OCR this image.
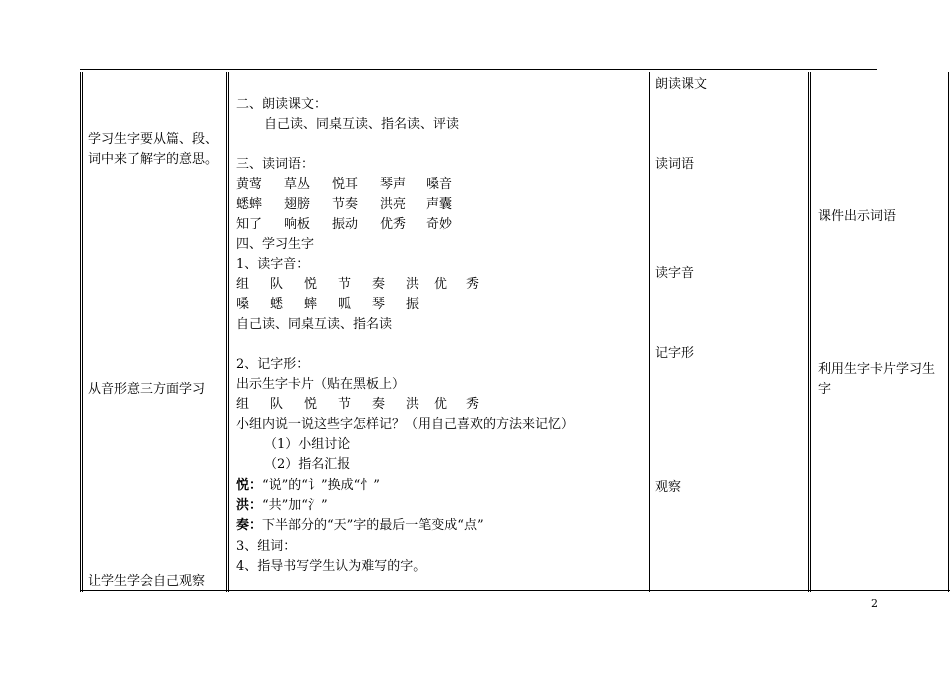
学习生字要从篇、段、词中来了解字的意思。
从音形意三方面学习
让学生学会自己观察
二、朗读课文：
自己读、同桌互读、指名读、评读
三、读词语：
黄莺 草丛 悦耳 琴声 嗓音
蟋蟀 翅膀 节奏 洪亮 声囊
知了 响板 振动 优秀 奇妙
四、学习生字
1、读字音：
组 队 悦 节 奏 洪 优 秀
嗓 蟋 蟀 呱 琴 振
自己读、同桌互读、指名读
2、记字形：
出示生字卡片（贴在黑板上）
组 队 悦 节 奏 洪 优 秀
小组内说一说这些字怎样记？（用自己喜欢的方法来记忆）
（1）小组讨论
（2）指名汇报
悦：“说”的“讠”换成“忄”
洪：“共”加“氵”
奏：下半部分的“天”字的最后一笔变成“点”
3、组词：
4、指导书写学生认为难写的字。
朗读课文
读词语
读字音
记字形
观察
课件出示词语
利用生字卡片学习生字
2
